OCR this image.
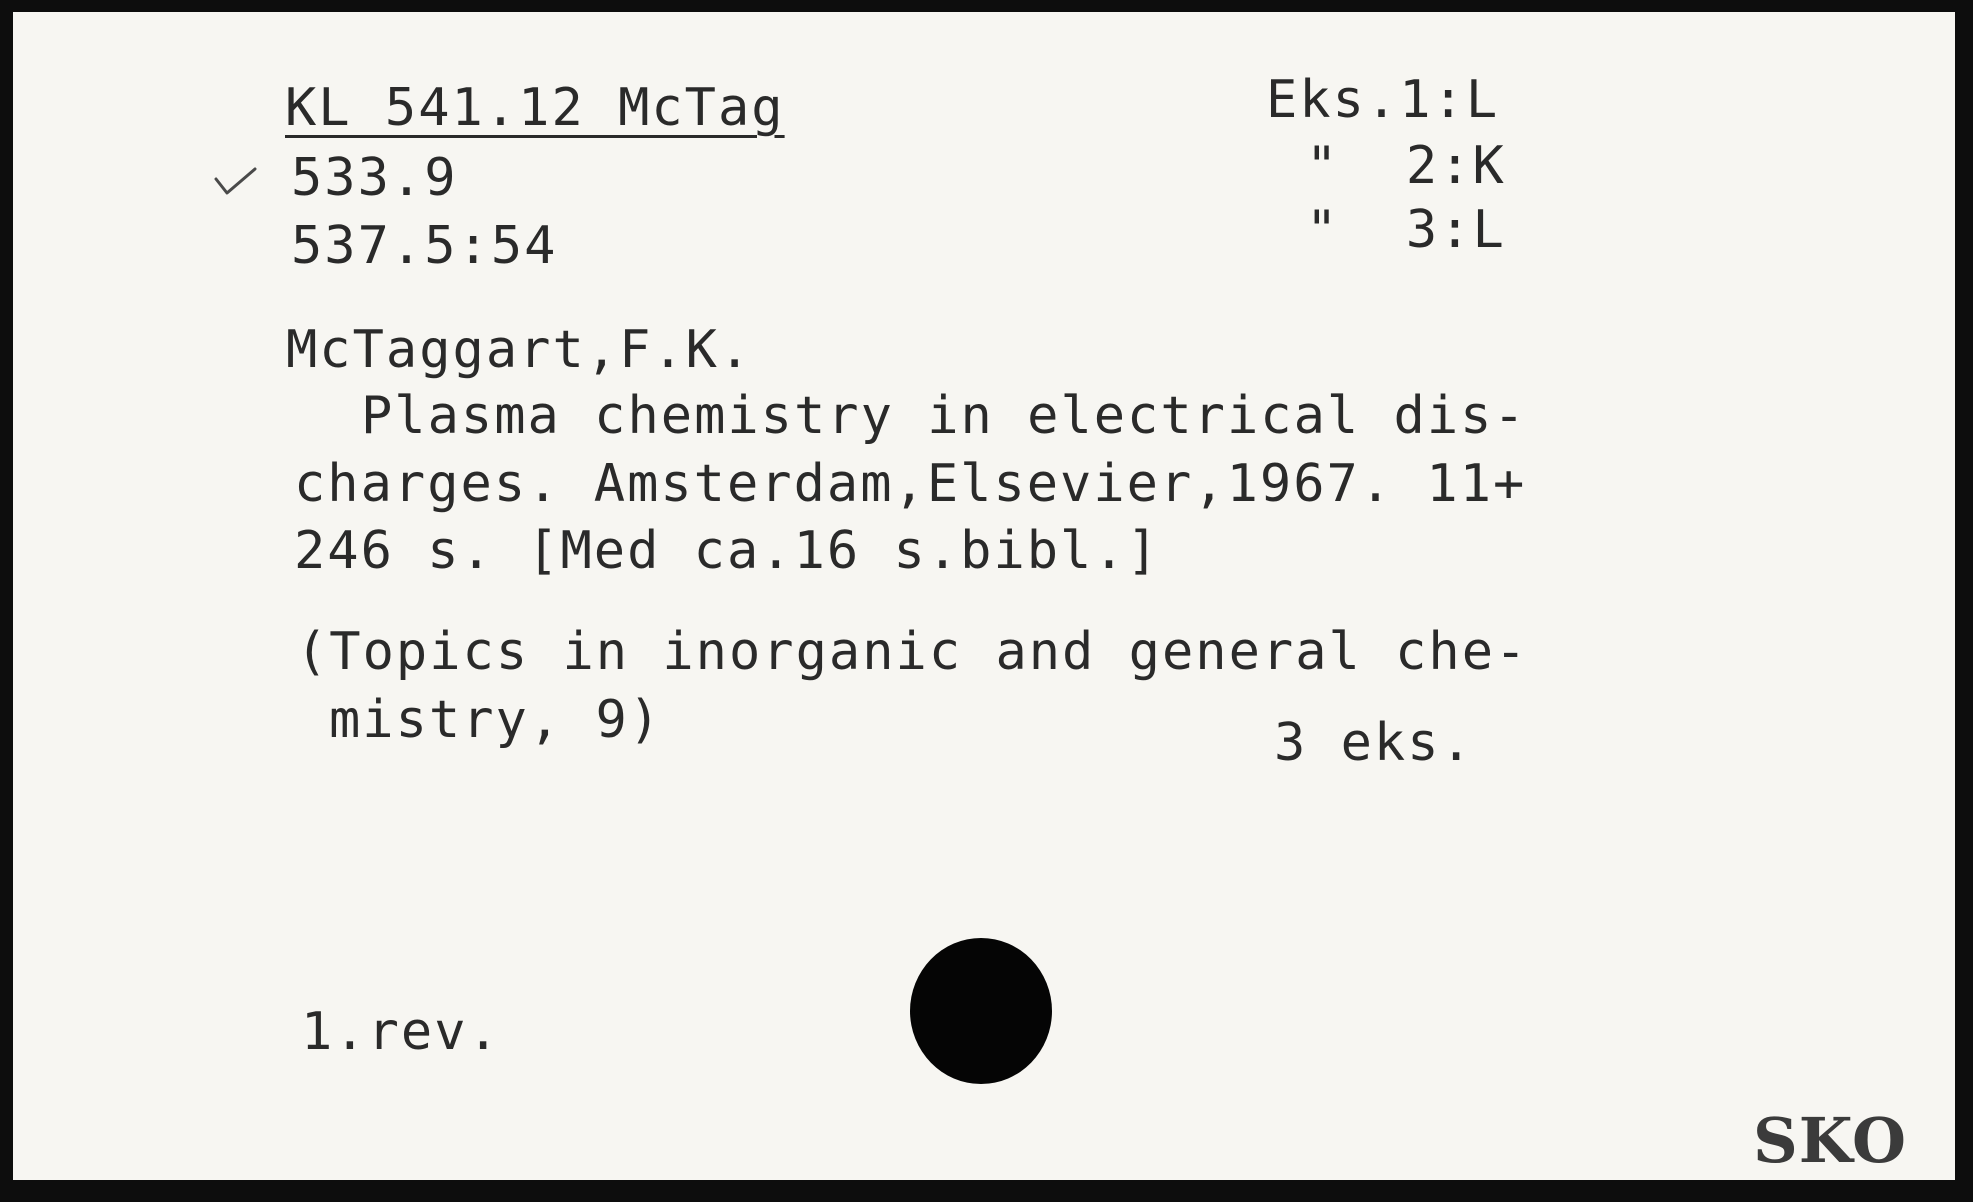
KL 541.12 McTag
533.9
537.5:54
Eks.1:L
"  2:K
"  3:L
McTaggart,F.K.
Plasma chemistry in electrical dis-
charges. Amsterdam,Elsevier,1967. 11+
246 s. [Med ca.16 s.bibl.]
(Topics in inorganic and general che-
mistry, 9)	3 eks.
1.rev.
SKO
